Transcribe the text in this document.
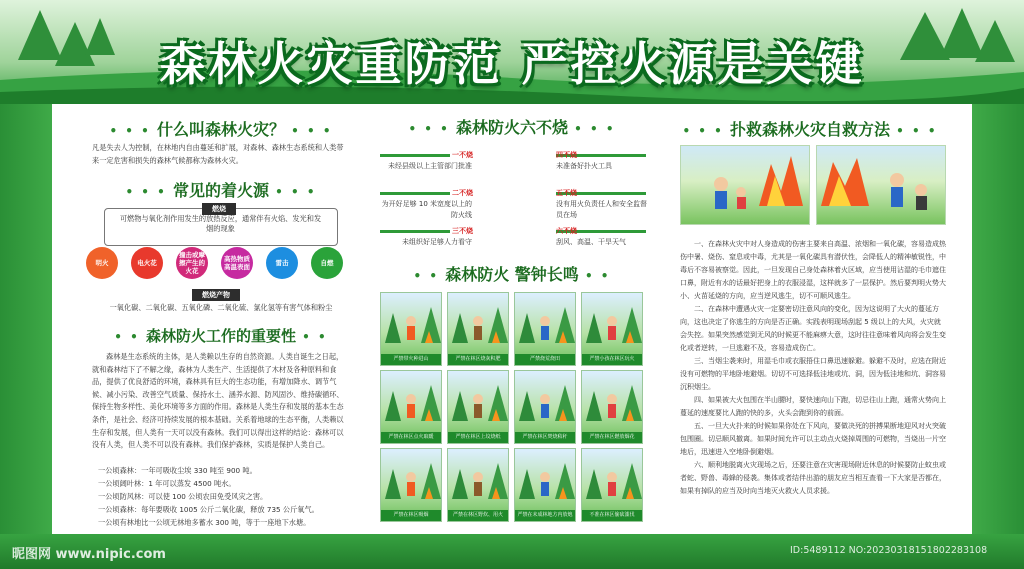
森林火灾重防范 严控火源是关键
• • • 什么叫森林火灾？ • • •
凡是失去人为控制，在林地内自由蔓延和扩展，对森林、森林生态系统和人类带来一定危害和损失的森林气候都称为森林火灾。
• • • 常见的着火源 • • •
燃烧
可燃物与氧化剂作用发生的放热反应，通常伴有火焰、发光和发烟的现象
明火	电火花
撞击或摩擦产生的火花
高热物质高温表面	雷击	自燃
燃烧产物
一氧化碳、二氧化碳、五氧化磷、二氧化硫、氯化氢等有害气体和粉尘
• • 森林防火工作的重要性 • •
森林是生态系统的主体，是人类赖以生存的自然资源。人类自诞生之日起，就和森林结下了不解之缘，森林为人类生产、生活提供了木材及各种原料和食品，提供了优良舒适的环境，森林具有巨大的生态功能，有增加降水、调节气候、减小污染、改善空气质量、保持水土、涵养水源、防风固沙、维持碳循环、保持生物多样性、美化环境等多方面的作用。森林是人类生存和发展的基本生态条件，是社会、经济可持续发展的根本基础。关系着地球的生态平衡，人类赖以生存和发展，但人类有一天可以没有森林。我们可以得出这样的结论：森林可以没有人类，但人类不可以没有森林。我们保护森林，实质是保护人类自己。
一公顷森林：一年可吸收尘埃 330 吨至 900 吨。
一公顷阔叶林：1 年可以蒸发 4500 吨水。
一公顷防风林：可以使 100 公顷农田免受风灾之害。
一公顷森林：每年要吸收 1005 公斤二氧化碳，释放 735 公斤氧气。
一公顷有林地比一公顷无林地多蓄水 300 吨，等于一座地下水塘。
• • • 森林防火六不烧 • • •
一不烧
未经县级以上主管部门批准
二不烧
为开好足够 10 米宽度以上的防火线
三不烧
未组织好足够人力看守
四不烧
未准备好扑火工具
五不烧
没有用火负责任人和安全监督员在场
六不烧
刮风、高温、干旱天气
• • 森林防火 警钟长鸣 • •
严禁带火种进山	严禁在林区烧灰积肥	严禁烧荒烧田	严禁小孩在林区玩火
严禁在林区点火取暖	严禁在林区上坟烧纸	严禁在林区焚烧秸秆	严禁在林区燃放烟花
严禁在林区吸烟	严禁在林区野炊、用火	严禁在未成林地方内放炮	不准在林区偷砍滥伐
• • • 扑救森林火灾自救方法 • • •
一、在森林火灾中对人身造成的伤害主要来自高温、浓烟和一氧化碳，容易造成热伤中暑、烧伤、窒息或中毒，尤其是一氧化碳具有潜伏性，会降低人的精神敏锐性，中毒后不容易被察觉。因此，一旦发现自己身处森林着火区域，应当使用沾湿的毛巾遮住口鼻，附近有水的话最好把身上的衣服浸湿，这样就多了一层保护。然后要判明火势大小、火苗延烧的方向，应当逆风逃生，切不可顺风逃生。
二、在森林中遭遇火灾一定要密切注意风向的变化，因为这说明了大火的蔓延方向，这也决定了你逃生的方向是否正确。实践表明现场刮起 5 级以上的大风，火灾就会失控。如果突然感觉到无风的时候更不能麻痹大意，这时往往意味着风向将会发生变化或者逆转，一旦逃避不及，容易造成伤亡。
三、当烟尘袭来时，用湿毛巾或衣服捂住口鼻迅速躲避。躲避不及时，应选在附近没有可燃物的平地卧地避烟。切切不可选择低洼地或坑、洞，因为低洼地和坑、洞容易沉积烟尘。
四、如果被大火包围在半山腰时，要快速向山下跑，切忌往山上跑，通常火势向上蔓延的速度要比人跑的快的多，火头会跑到你的前面。
五、一旦大火扑来的时候如果你处在下风向，要做决死的拼搏果断地迎风对火突破包围圈。切忌顺风撤离。如果时间允许可以主动点火烧掉周围的可燃物，当烧出一片空地后，迅速进入空地卧倒避烟。
六、顺利地脱离火灾现场之后，还要注意在灾害现场附近休息的时候要防止蚊虫或者蛇、野兽、毒蜂的侵袭。集体或者结伴出游的朋友应当相互查看一下大家是否都在，如果有掉队的应当及时向当地灭火救火人员求援。
昵图网 www.nipic.com	ID:5489112 NO:20230318151802283108
